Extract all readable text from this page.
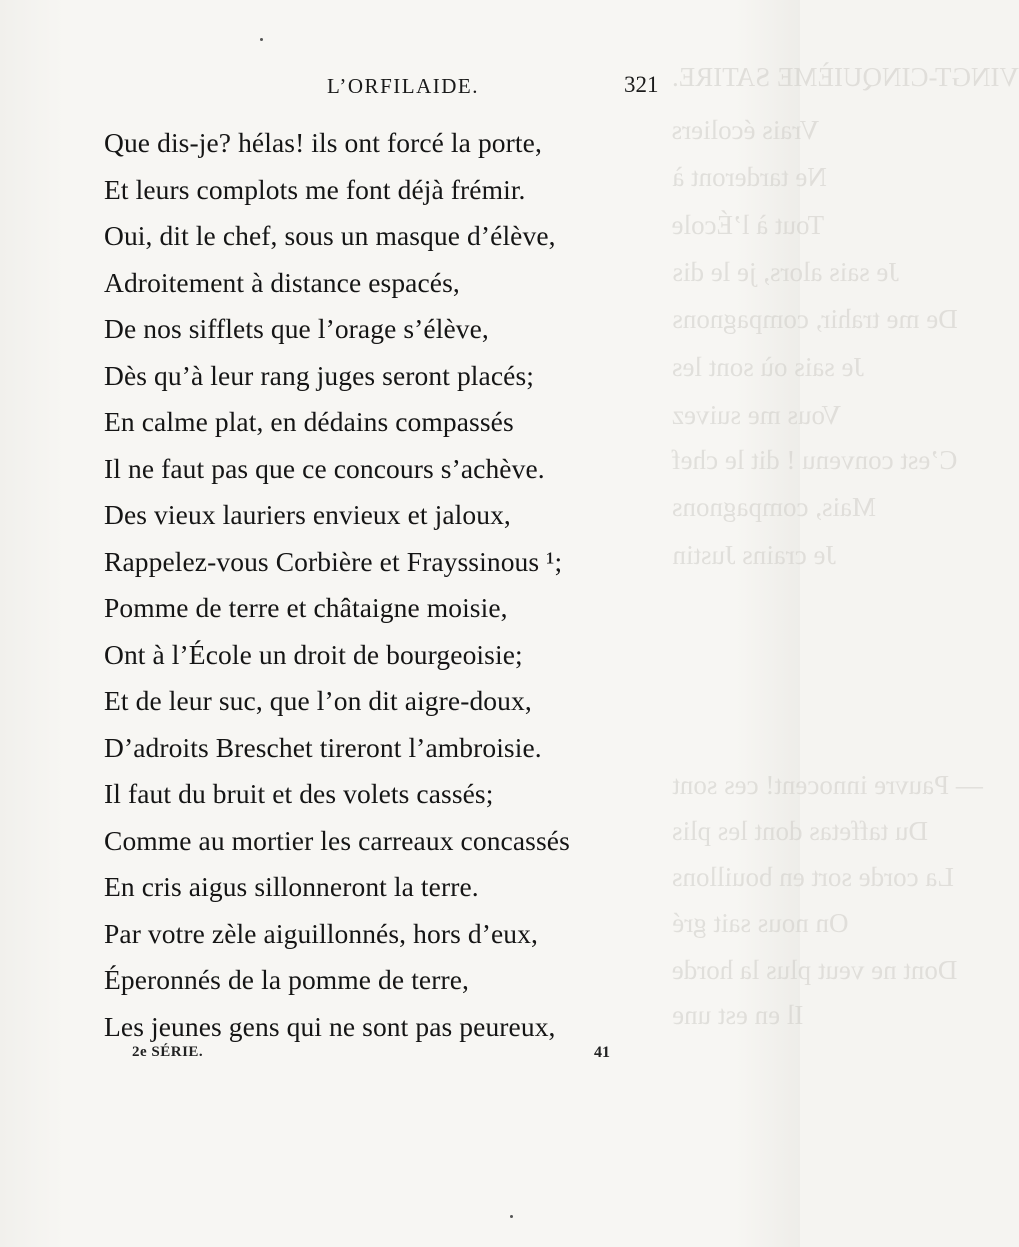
VINGT-CINQUIÈME SATIRE.
Vrais écoliers
Ne tarderont à
Tout à l’École
Je sais alors, je le dis
De me trahir, compagnons
Je sais où sont les
Vous me suivez
C’est convenu ! dit le chef
Mais, compagnons
Je crains Justin
— Pauvre innocent! ces sont
Du taffetas dont les plis
La corde sort en bouillons
On nous sait gré
Dont ne veut plus la horde
Il en est une
L’ORFILAIDE.	321
Que dis-je? hélas! ils ont forcé la porte,
Et leurs complots me font déjà frémir.
Oui, dit le chef, sous un masque d’élève,
Adroitement à distance espacés,
De nos sifflets que l’orage s’élève,
Dès qu’à leur rang juges seront placés;
En calme plat, en dédains compassés
Il ne faut pas que ce concours s’achève.
Des vieux lauriers envieux et jaloux,
Rappelez-vous Corbière et Frayssinous ¹;
Pomme de terre et châtaigne moisie,
Ont à l’École un droit de bourgeoisie;
Et de leur suc, que l’on dit aigre-doux,
D’adroits Breschet tireront l’ambroisie.
Il faut du bruit et des volets cassés;
Comme au mortier les carreaux concassés
En cris aigus sillonneront la terre.
Par votre zèle aiguillonnés, hors d’eux,
Éperonnés de la pomme de terre,
Les jeunes gens qui ne sont pas peureux,
2e SÉRIE.	41
